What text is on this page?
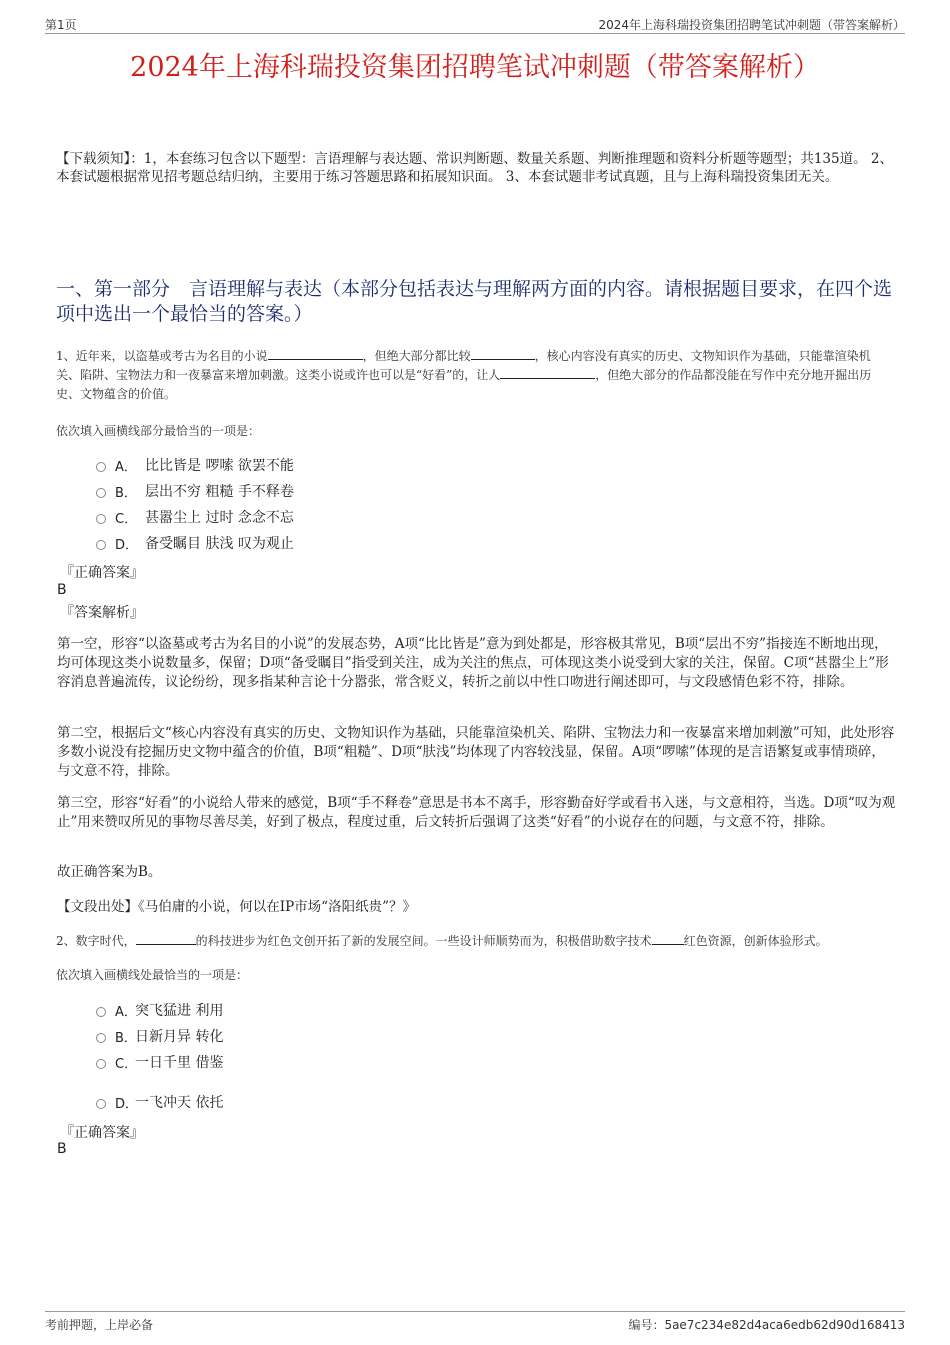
第1页	2024年上海科瑞投资集团招聘笔试冲刺题（带答案解析）
2024年上海科瑞投资集团招聘笔试冲刺题（带答案解析）
【下载须知】：1，本套练习包含以下题型：言语理解与表达题、常识判断题、数量关系题、判断推理题和资料分析题等题型；共135道。 2、本套试题根据常见招考题总结归纳，主要用于练习答题思路和拓展知识面。 3、本套试题非考试真题，且与上海科瑞投资集团无关。
一、第一部分　言语理解与表达（本部分包括表达与理解两方面的内容。请根据题目要求，在四个选项中选出一个最恰当的答案。）
1、近年来，以盗墓或考古为名目的小说	，但绝大部分都比较	，核心内容没有真实的历史、文物知识作为基础，只能靠渲染机关、陷阱、宝物法力和一夜暴富来增加刺激。这类小说或许也可以是“好看”的，让人	，但绝大部分的作品都没能在写作中充分地开掘出历史、文物蕴含的价值。
依次填入画横线部分最恰当的一项是：
A． 比比皆是 啰嗦 欲罢不能
B． 层出不穷 粗糙 手不释卷
C． 甚嚣尘上 过时 念念不忘
D． 备受瞩目 肤浅 叹为观止
『正确答案』
B
『答案解析』
第一空，形容“以盗墓或考古为名目的小说”的发展态势，A项“比比皆是”意为到处都是，形容极其常见，B项“层出不穷”指接连不断地出现，均可体现这类小说数量多，保留；D项“备受瞩目”指受到关注，成为关注的焦点，可体现这类小说受到大家的关注，保留。C项“甚嚣尘上”形容消息普遍流传，议论纷纷，现多指某种言论十分嚣张，常含贬义，转折之前以中性口吻进行阐述即可，与文段感情色彩不符，排除。
第二空，根据后文“核心内容没有真实的历史、文物知识作为基础，只能靠渲染机关、陷阱、宝物法力和一夜暴富来增加刺激”可知，此处形容多数小说没有挖掘历史文物中蕴含的价值，B项“粗糙”、D项“肤浅”均体现了内容较浅显，保留。A项“啰嗦”体现的是言语繁复或事情琐碎，与文意不符，排除。
第三空，形容“好看”的小说给人带来的感觉，B项“手不释卷”意思是书本不离手，形容勤奋好学或看书入迷，与文意相符，当选。D项“叹为观止”用来赞叹所见的事物尽善尽美，好到了极点，程度过重，后文转折后强调了这类“好看”的小说存在的问题，与文意不符，排除。
故正确答案为B。
【文段出处】《马伯庸的小说，何以在IP市场“洛阳纸贵”？》
2、数字时代，	的科技进步为红色文创开拓了新的发展空间。一些设计师顺势而为，积极借助数字技术	红色资源，创新体验形式。
依次填入画横线处最恰当的一项是：
A．
突飞猛进 利用
B．
日新月异 转化
C．
一日千里 借鉴
D．
一飞冲天 依托
『正确答案』
B
考前押题，上岸必备	编号：5ae7c234e82d4aca6edb62d90d168413
